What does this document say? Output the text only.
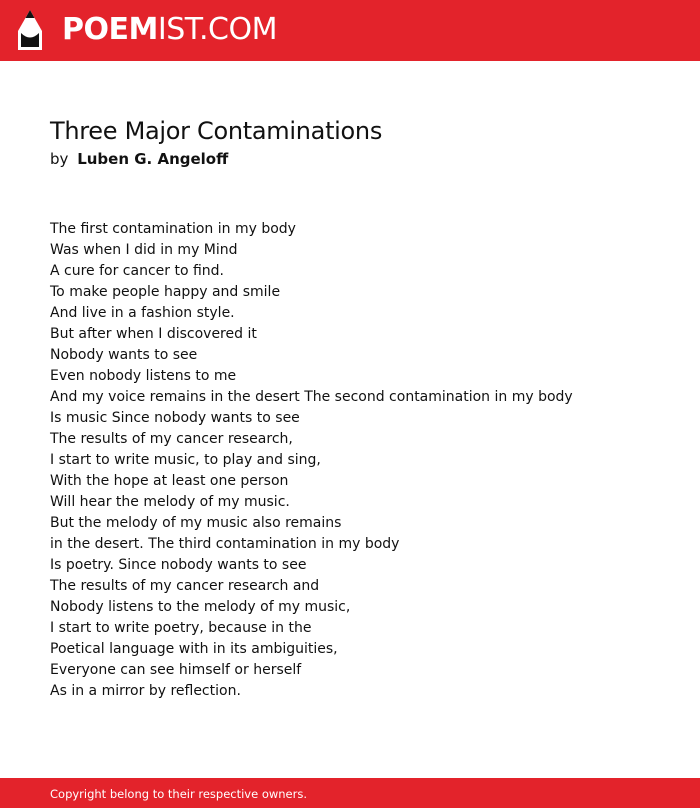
POEMIST.COM
Three Major Contaminations
by Luben G. Angeloff
The first contamination in my body
Was when I did in my Mind
A cure for cancer to find.
To make people happy and smile
And live in a fashion style.
But after when I discovered it
Nobody wants to see
Even nobody listens to me
And my voice remains in the desert The second contamination in my body
Is music Since nobody wants to see
The results of my cancer research,
I start to write music, to play and sing,
With the hope at least one person
Will hear the melody of my music.
But the melody of my music also remains
in the desert. The third contamination in my body
Is poetry. Since nobody wants to see
The results of my cancer research and
Nobody listens to the melody of my music,
I start to write poetry, because in the
Poetical language with in its ambiguities,
Everyone can see himself or herself
As in a mirror by reflection.
Copyright belong to their respective owners.
